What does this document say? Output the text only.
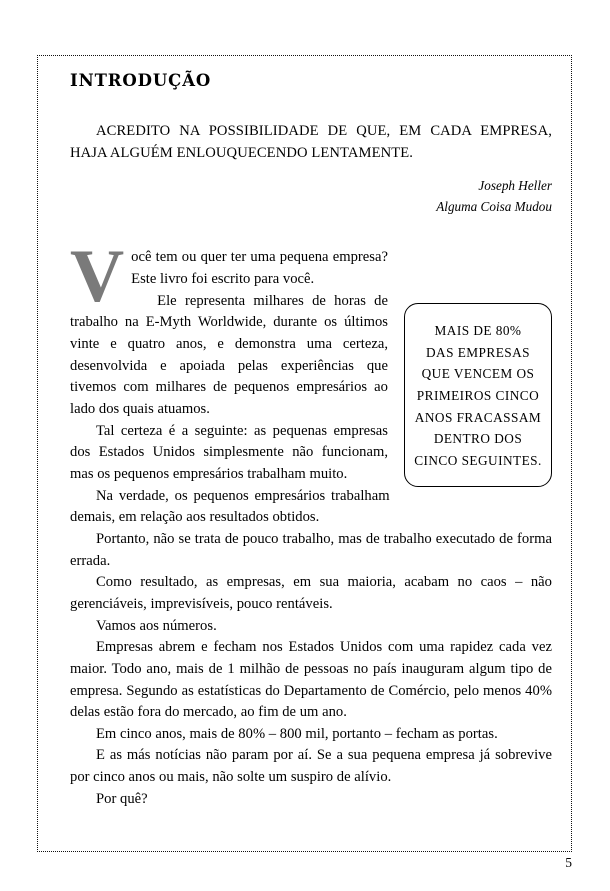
INTRODUÇÃO

ACREDITO NA POSSIBILIDADE DE QUE, EM CADA EMPRESA, HAJA ALGUÉM ENLOUQUECENDO LENTAMENTE.

Joseph Heller

Alguma Coisa Mudou

MAIS DE 80%
DAS EMPRESAS
QUE VENCEM OS
PRIMEIROS CINCO
ANOS FRACASSAM
DENTRO DOS
CINCO SEGUINTES.
V ocê tem ou quer ter uma pequena empresa? Este livro foi escrito para você.

Ele representa milhares de horas de trabalho na E-Myth Worldwide, durante os últimos vinte e quatro anos, e demonstra uma certeza, desenvolvida e apoiada pelas experiências que tivemos com milhares de pequenos empresários ao lado dos quais atuamos.

Tal certeza é a seguinte: as pequenas empresas dos Estados Unidos simplesmente não funcionam, mas os pequenos empresários trabalham muito.

Na verdade, os pequenos empresários trabalham demais, em relação aos resultados obtidos.

Portanto, não se trata de pouco trabalho, mas de trabalho executado de forma errada.

Como resultado, as empresas, em sua maioria, acabam no caos – não gerenciáveis, imprevisíveis, pouco rentáveis.

Vamos aos números.

Empresas abrem e fecham nos Estados Unidos com uma rapidez cada vez maior. Todo ano, mais de 1 milhão de pessoas no país inauguram algum tipo de empresa. Segundo as estatísticas do Departamento de Comércio, pelo menos 40% delas estão fora do mercado, ao fim de um ano.

Em cinco anos, mais de 80% – 800 mil, portanto – fecham as portas.

E as más notícias não param por aí. Se a sua pequena empresa já sobrevive por cinco anos ou mais, não solte um suspiro de alívio.

Por quê?

5
